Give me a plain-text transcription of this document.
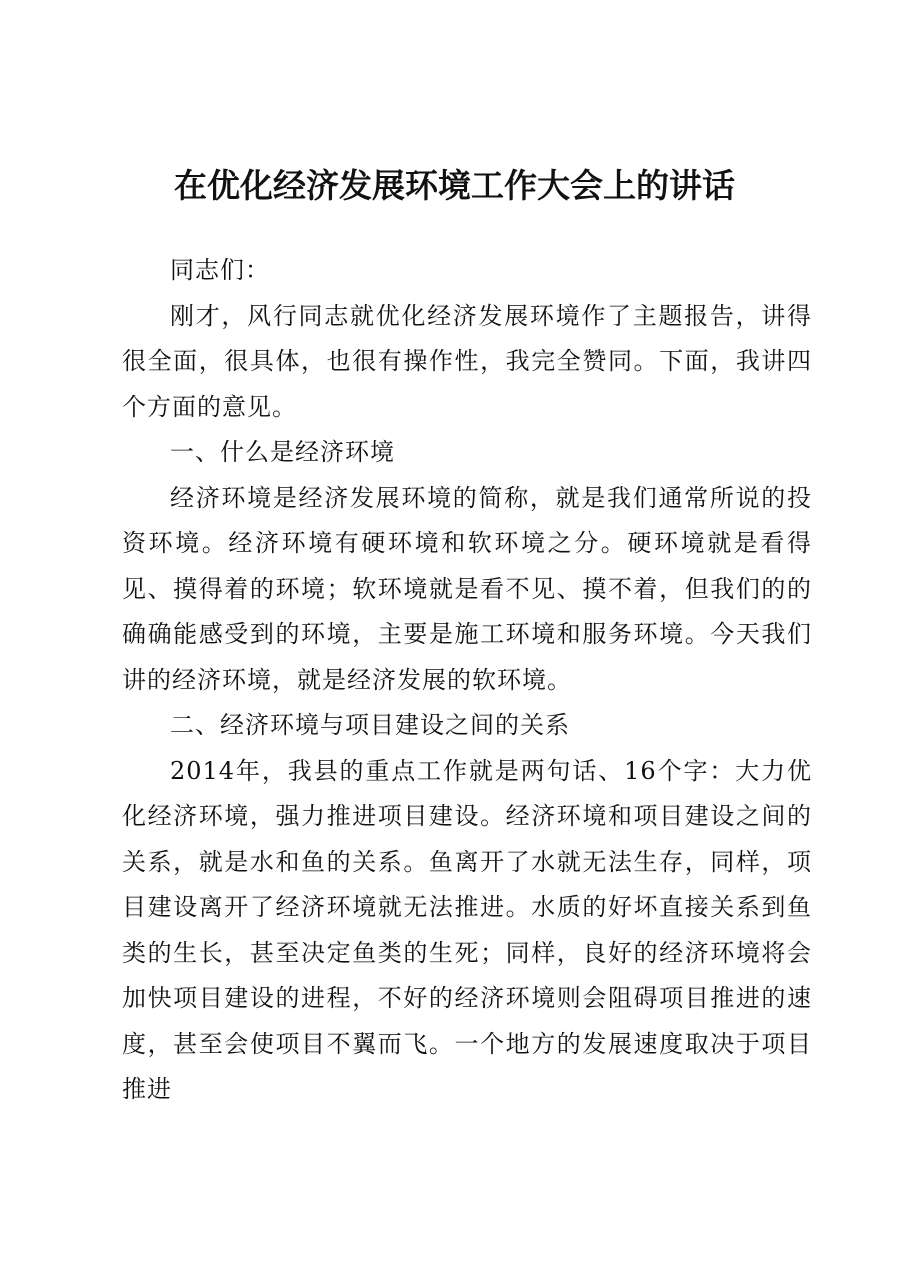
在优化经济发展环境工作大会上的讲话

同志们：

刚才，风行同志就优化经济发展环境作了主题报告，讲得很全面，很具体，也很有操作性，我完全赞同。下面，我讲四个方面的意见。

一、什么是经济环境

经济环境是经济发展环境的简称，就是我们通常所说的投资环境。经济环境有硬环境和软环境之分。硬环境就是看得见、摸得着的环境；软环境就是看不见、摸不着，但我们的的确确能感受到的环境，主要是施工环境和服务环境。今天我们讲的经济环境，就是经济发展的软环境。

二、经济环境与项目建设之间的关系

2014年，我县的重点工作就是两句话、16个字：大力优化经济环境，强力推进项目建设。经济环境和项目建设之间的关系，就是水和鱼的关系。鱼离开了水就无法生存，同样，项目建设离开了经济环境就无法推进。水质的好坏直接关系到鱼类的生长，甚至决定鱼类的生死；同样，良好的经济环境将会加快项目建设的进程，不好的经济环境则会阻碍项目推进的速度，甚至会使项目不翼而飞。一个地方的发展速度取决于项目推进
